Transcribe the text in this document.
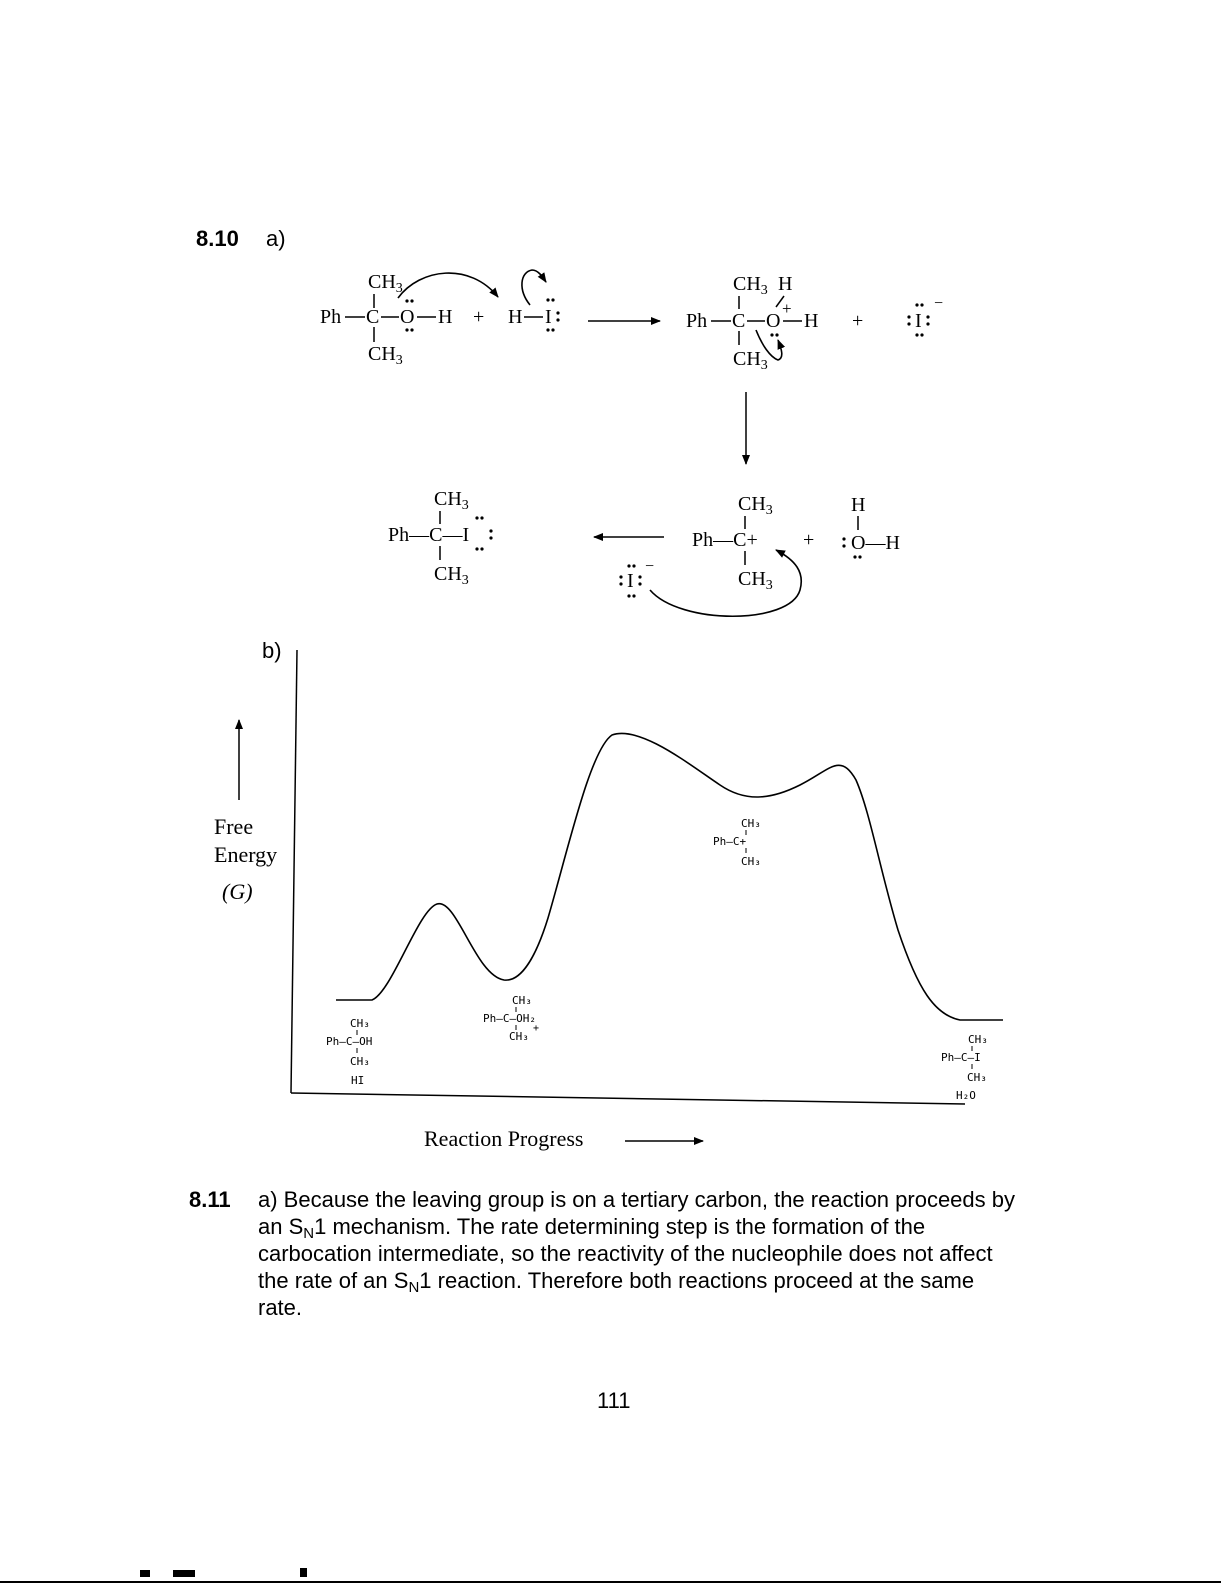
8.10 a)
$CH_3$
Ph C O H
$CH_3$
+ H I
$CH_3$ H
+
Ph C O H
$CH_3$
+	I
−
$CH_3$
Ph—C—I
$CH_3$
$CH_3$
Ph—C+
$CH_3$
+
H
O—H
I
−
b)
Free
Energy
(G)
CH₃
Ph–C–OH
CH₃
HI
CH₃
Ph–C–OH₂
+
CH₃
CH₃
Ph–C+
CH₃
CH₃
Ph–C–I
CH₃
H₂O
Reaction Progress
8.11
111
a) Because the leaving group is on a tertiary carbon, the reaction proceeds by an $S_N1$ mechanism. The rate determining step is the formation of the carbocation intermediate, so the reactivity of the nucleophile does not affect the rate of an $S_N1$ reaction. Therefore both reactions proceed at the same rate.
